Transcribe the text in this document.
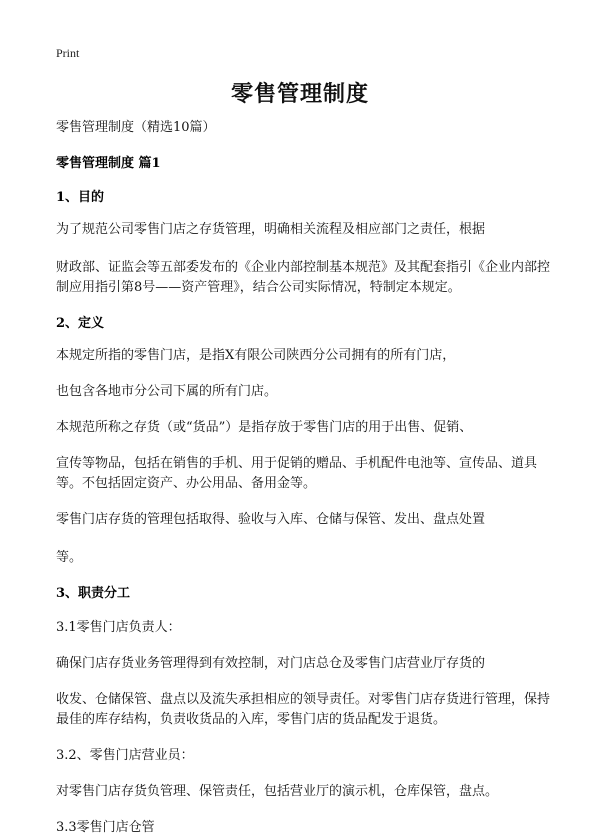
Print
零售管理制度

零售管理制度（精选10篇）

零售管理制度 篇1

1、目的

为了规范公司零售门店之存货管理，明确相关流程及相应部门之责任，根据

财政部、证监会等五部委发布的《企业内部控制基本规范》及其配套指引《企业内部控制应用指引第8号——资产管理》，结合公司实际情况，特制定本规定。

2、定义

本规定所指的零售门店，是指X有限公司陕西分公司拥有的所有门店，

也包含各地市分公司下属的所有门店。

本规范所称之存货（或“货品”）是指存放于零售门店的用于出售、促销、

宣传等物品，包括在销售的手机、用于促销的赠品、手机配件电池等、宣传品、道具等。不包括固定资产、办公用品、备用金等。

零售门店存货的管理包括取得、验收与入库、仓储与保管、发出、盘点处置

等。

3、职责分工

3.1零售门店负责人：

确保门店存货业务管理得到有效控制，对门店总仓及零售门店营业厅存货的

收发、仓储保管、盘点以及流失承担相应的领导责任。对零售门店存货进行管理，保持最佳的库存结构，负责收货品的入库，零售门店的货品配发于退货。

3.2、零售门店营业员：

对零售门店存货负管理、保管责任，包括营业厅的演示机，仓库保管，盘点。

3.3零售门店仓管
